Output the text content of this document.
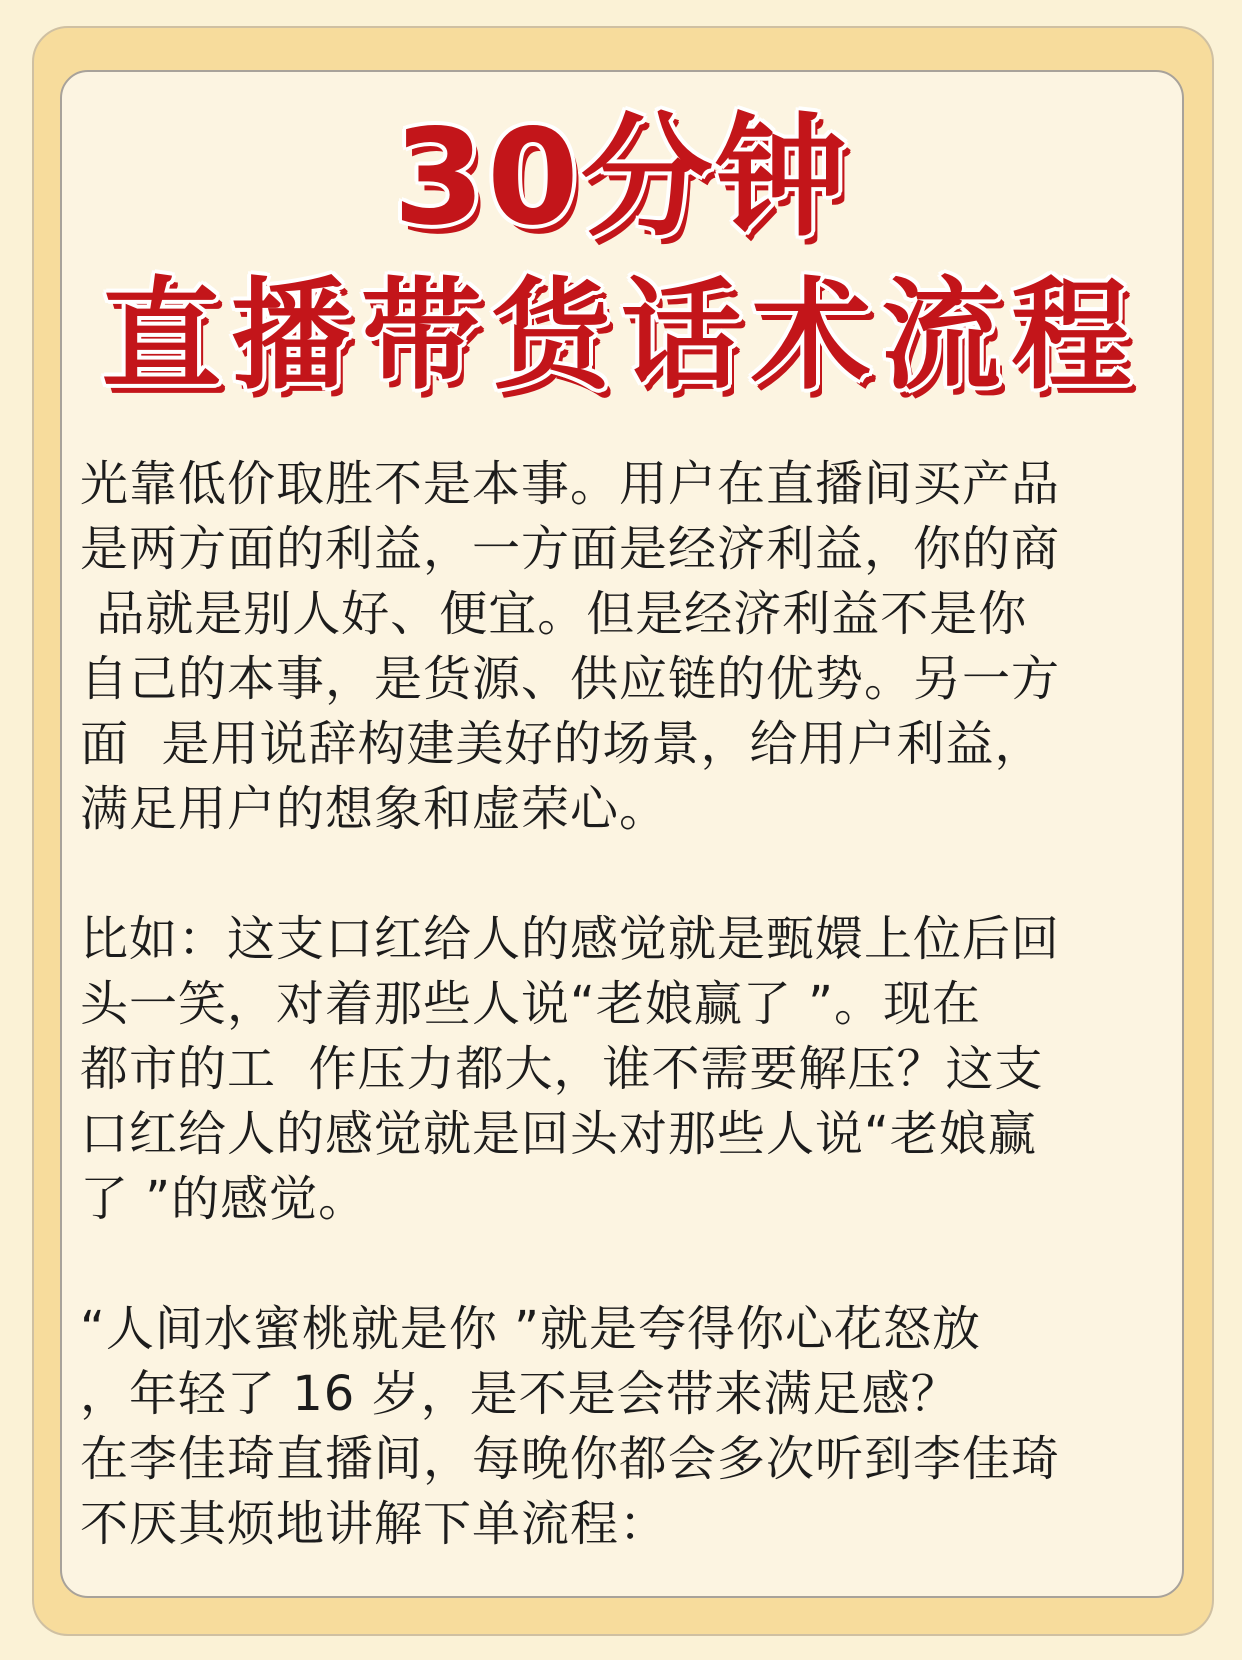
30分钟
直播带货话术流程

光靠低价取胜不是本事。用户在直播间买产品
是两方面的利益，一方面是经济利益，你的商
品就是别人好、便宜。但是经济利益不是你
自己的本事，是货源、供应链的优势。另一方
面  是用说辞构建美好的场景，给用户利益，
满足用户的想象和虚荣心。

比如：这支口红给人的感觉就是甄嬛上位后回
头一笑，对着那些人说“老娘赢了 ”。现在
都市的工  作压力都大，谁不需要解压？这支
口红给人的感觉就是回头对那些人说“老娘赢
了 ”的感觉。

“人间水蜜桃就是你 ”就是夸得你心花怒放
，年轻了 16 岁，是不是会带来满足感？
在李佳琦直播间，每晚你都会多次听到李佳琦
不厌其烦地讲解下单流程：
